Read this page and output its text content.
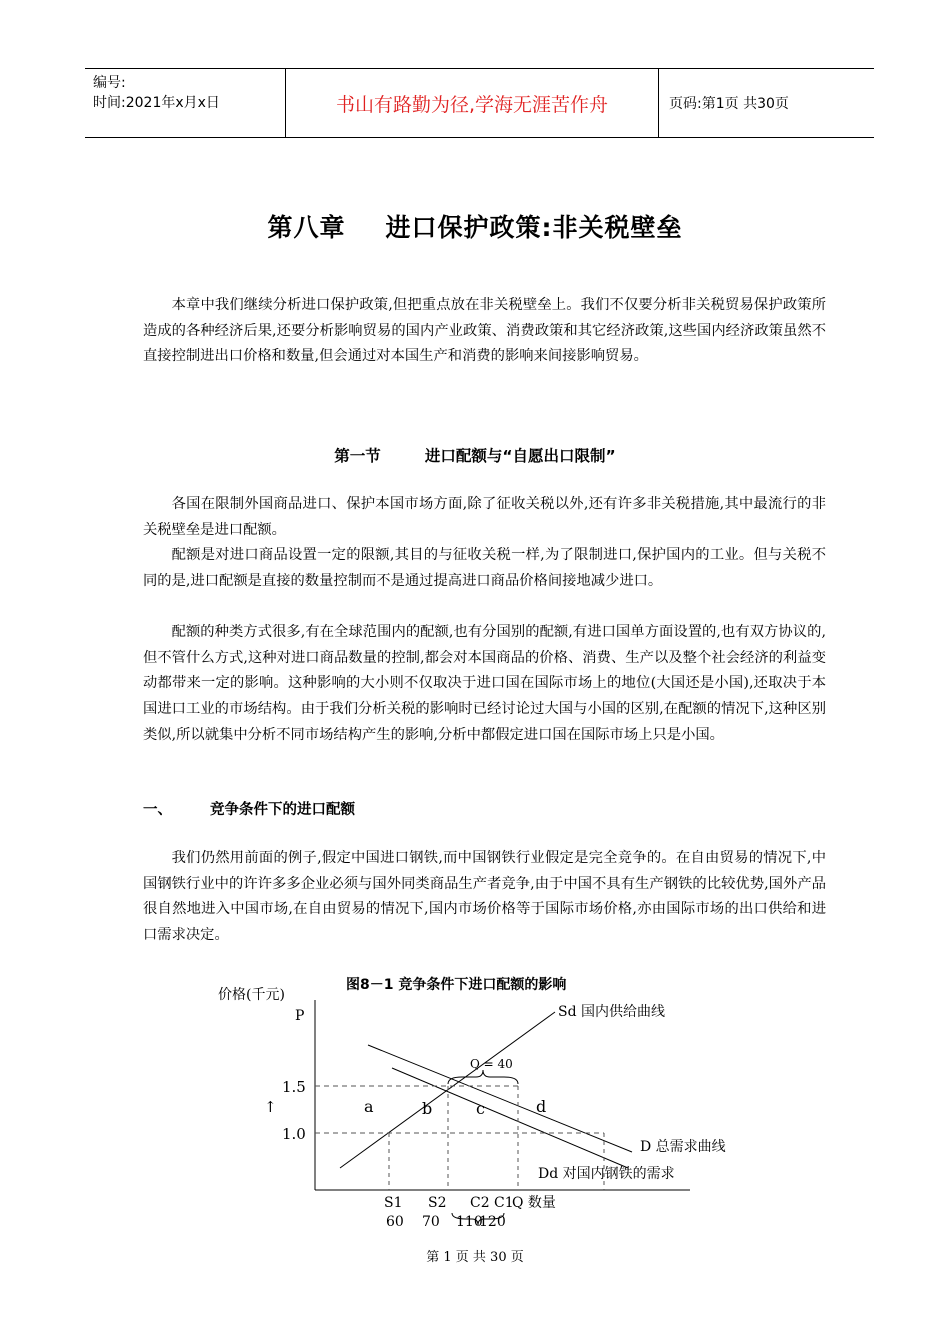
编号:
时间:2021年x月x日	书山有路勤为径,学海无涯苦作舟	页码:第1页 共30页
第八章 进口保护政策:非关税壁垒

本章中我们继续分析进口保护政策,但把重点放在非关税壁垒上。我们不仅要分析非关税贸易保护政策所造成的各种经济后果,还要分析影响贸易的国内产业政策、消费政策和其它经济政策,这些国内经济政策虽然不直接控制进出口价格和数量,但会通过对本国生产和消费的影响来间接影响贸易。

第一节	进口配额与“自愿出口限制”

各国在限制外国商品进口、保护本国市场方面,除了征收关税以外,还有许多非关税措施,其中最流行的非关税壁垒是进口配额。

配额是对进口商品设置一定的限额,其目的与征收关税一样,为了限制进口,保护国内的工业。但与关税不同的是,进口配额是直接的数量控制而不是通过提高进口商品价格间接地减少进口。

配额的种类方式很多,有在全球范围内的配额,也有分国别的配额,有进口国单方面设置的,也有双方协议的,但不管什么方式,这种对进口商品数量的控制,都会对本国商品的价格、消费、生产以及整个社会经济的利益变动都带来一定的影响。这种影响的大小则不仅取决于进口国在国际市场上的地位(大国还是小国),还取决于本国进口工业的市场结构。由于我们分析关税的影响时已经讨论过大国与小国的区别,在配额的情况下,这种区别类似,所以就集中分析不同市场结构产生的影响,分析中都假定进口国在国际市场上只是小国。

一、	竞争条件下的进口配额

我们仍然用前面的例子,假定中国进口钢铁,而中国钢铁行业假定是完全竞争的。在自由贸易的情况下,中国钢铁行业中的许许多多企业必须与国外同类商品生产者竞争,由于中国不具有生产钢铁的比较优势,国外产品很自然地进入中国市场,在自由贸易的情况下,国内市场价格等于国际市场价格,亦由国际市场的出口供给和进口需求决定。

图8－1 竞争条件下进口配额的影响
价格(千元)
P
1.5
1.0
↑
Sd 国内供给曲线
D 总需求曲线
Dd 对国内钢铁的需求
Q = 40
a	b	c	d
S1 S2 C2 C1
Q 数量
60 70 110
120
第 1 页 共 30 页
